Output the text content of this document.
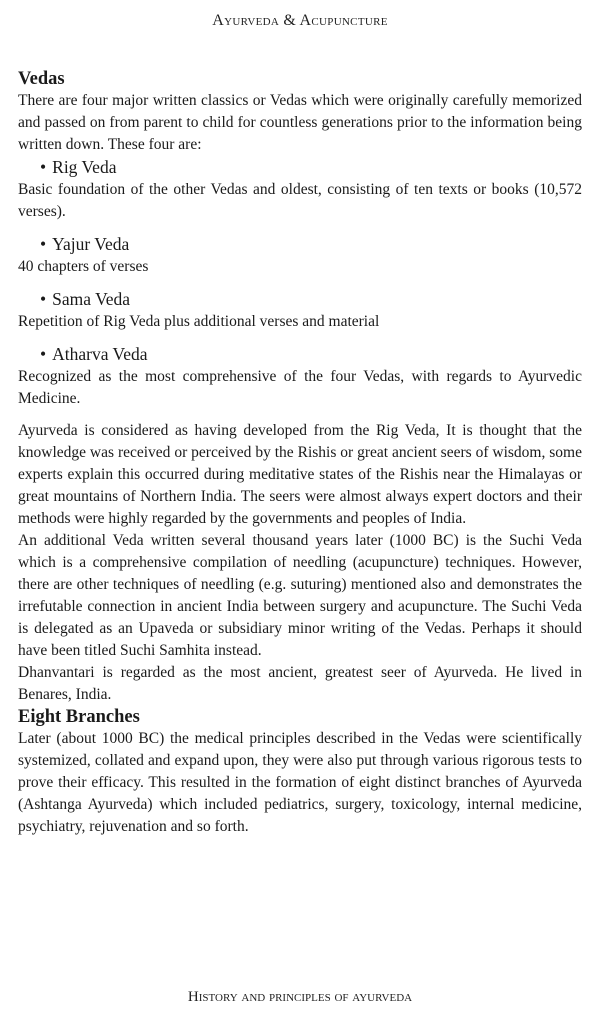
Ayurveda & Acupuncture
Vedas

There are four major written classics or Vedas which were originally carefully memorized and passed on from parent to child for countless generations prior to the information being written down. These four are:

• Rig Veda

Basic foundation of the other Vedas and oldest, consisting of ten texts or books (10,572 verses).

• Yajur Veda

40 chapters of verses

• Sama Veda

Repetition of Rig Veda plus additional verses and material

• Atharva Veda

Recognized as the most comprehensive of the four Vedas, with regards to Ayurvedic Medicine.

Ayurveda is considered as having developed from the Rig Veda, It is thought that the knowledge was received or perceived by the Rishis or great ancient seers of wisdom, some experts explain this occurred during meditative states of the Rishis near the Himalayas or great mountains of Northern India. The seers were almost always expert doctors and their methods were highly regarded by the governments and peoples of India.

An additional Veda written several thousand years later (1000 BC) is the Suchi Veda which is a comprehensive compilation of needling (acupuncture) techniques. However, there are other techniques of needling (e.g. suturing) mentioned also and demonstrates the irrefutable connection in ancient India between surgery and acupuncture. The Suchi Veda is delegated as an Upaveda or subsidiary minor writing of the Vedas. Perhaps it should have been titled Suchi Samhita instead.

Dhanvantari is regarded as the most ancient, greatest seer of Ayurveda. He lived in Benares, India.

Eight Branches

Later (about 1000 BC) the medical principles described in the Vedas were scientifically systemized, collated and expand upon, they were also put through various rigorous tests to prove their efficacy. This resulted in the formation of eight distinct branches of Ayurveda (Ashtanga Ayurveda) which included pediatrics, surgery, toxicology, internal medicine, psychiatry, rejuvenation and so forth.

History and principles of ayurveda
